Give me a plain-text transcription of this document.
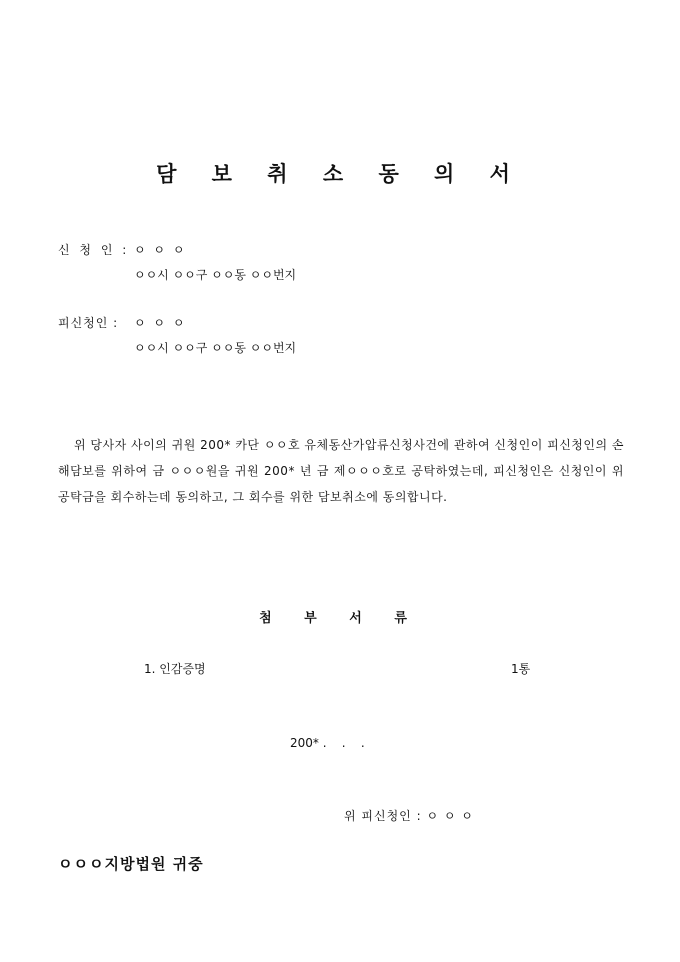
담 보 취 소 동 의 서
신 청 인 : ㅇ ㅇ ㅇ
ㅇㅇ시 ㅇㅇ구 ㅇㅇ동 ㅇㅇ번지
피신청인 : ㅇ ㅇ ㅇ
ㅇㅇ시 ㅇㅇ구 ㅇㅇ동 ㅇㅇ번지
위 당사자 사이의 귀원 200* 카단 ㅇㅇ호 유체동산가압류신청사건에 관하여 신청인이 피신청인의 손해담보를 위하여 금 ㅇㅇㅇ원을 귀원 200* 년 금 제ㅇㅇㅇ호로 공탁하였는데, 피신청인은 신청인이 위 공탁금을 회수하는데 동의하고, 그 회수를 위한 담보취소에 동의합니다.
첨 부 서 류
1. 인감증명	1통
200* .    .    .
위 피신청인 : ㅇ ㅇ ㅇ
ㅇㅇㅇ지방법원 귀중
